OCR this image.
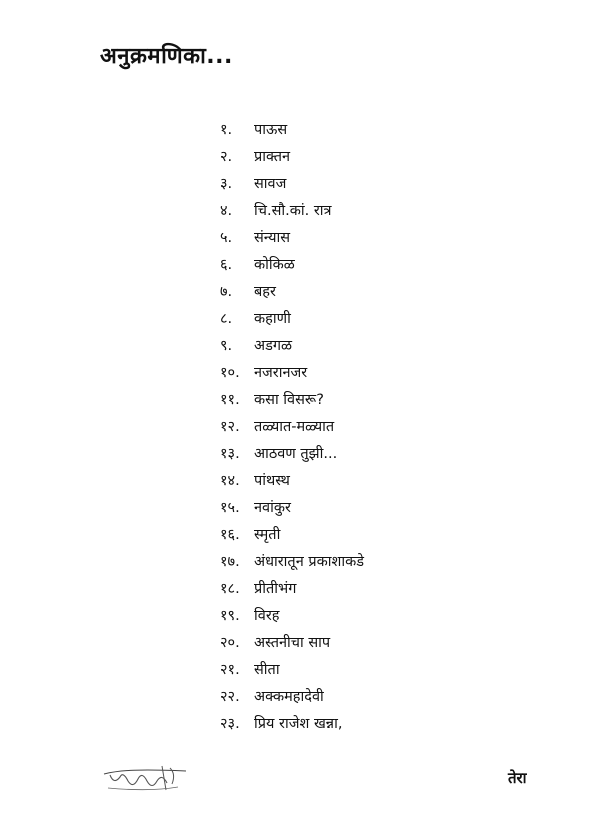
अनुक्रमणिका...
१. पाऊस
२. प्राक्तन
३. सावज
४. चि.सौ.कां. रात्र
५. संन्यास
६. कोकिळ
७. बहर
८. कहाणी
९. अडगळ
१०. नजरानजर
११. कसा विसरू?
१२. तळ्यात-मळ्यात
१३. आठवण तुझी...
१४. पांथस्थ
१५. नवांकुर
१६. स्मृती
१७. अंधारातून प्रकाशाकडे
१८. प्रीतीभंग
१९. विरह
२०. अस्तनीचा साप
२१. सीता
२२. अक्कमहादेवी
२३. प्रिय राजेश खन्ना,
तेरा
